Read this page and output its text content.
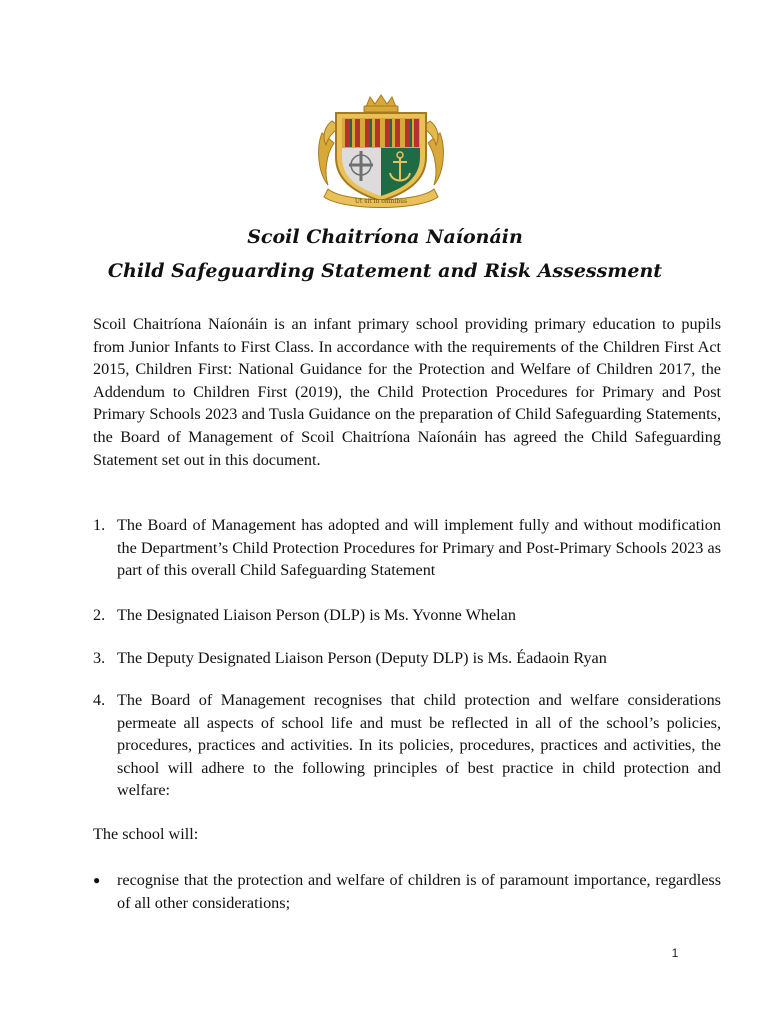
Ut sit in omnibus
Scoil Chaitríona Naíonáin
Child Safeguarding Statement and Risk Assessment

Scoil Chaitríona Naíonáin is an infant primary school providing primary education to pupils from Junior Infants to First Class. In accordance with the requirements of the Children First Act 2015, Children First: National Guidance for the Protection and Welfare of Children 2017, the Addendum to Children First (2019), the Child Protection Procedures for Primary and Post Primary Schools 2023 and Tusla Guidance on the preparation of Child Safeguarding Statements, the Board of Management of Scoil Chaitríona Naíonáin has agreed the Child Safeguarding Statement set out in this document.

1. The Board of Management has adopted and will implement fully and without modification the Department’s Child Protection Procedures for Primary and Post-Primary Schools 2023 as part of this overall Child Safeguarding Statement
2. The Designated Liaison Person (DLP) is Ms. Yvonne Whelan
3. The Deputy Designated Liaison Person (Deputy DLP) is Ms. Éadaoin Ryan
4. The Board of Management recognises that child protection and welfare considerations permeate all aspects of school life and must be reflected in all of the school’s policies, procedures, practices and activities. In its policies, procedures, practices and activities, the school will adhere to the following principles of best practice in child protection and welfare:

The school will:

●	recognise that the protection and welfare of children is of paramount importance, regardless of all other considerations;
1
